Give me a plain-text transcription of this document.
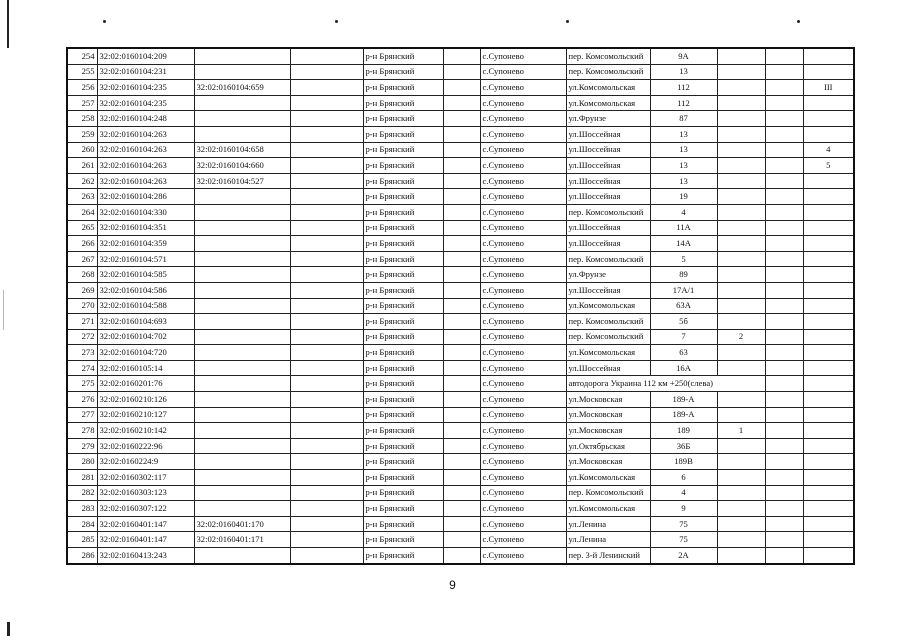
254	32:02:0160104:209			р-н Брянский		с.Супонево	пер. Комсомольский	9А			
255	32:02:0160104:231			р-н Брянский		с.Супонево	пер. Комсомольский	13			
256	32:02:0160104:235	32:02:0160104:659		р-н Брянский		с.Супонево	ул.Комсомольская	112			III
257	32:02:0160104:235			р-н Брянский		с.Супонево	ул.Комсомольская	112			
258	32:02:0160104:248			р-н Брянский		с.Супонево	ул.Фрунзе	87			
259	32:02:0160104:263			р-н Брянский		с.Супонево	ул.Шоссейная	13			
260	32:02:0160104:263	32:02:0160104:658		р-н Брянский		с.Супонево	ул.Шоссейная	13			4
261	32:02:0160104:263	32:02:0160104:660		р-н Брянский		с.Супонево	ул.Шоссейная	13			5
262	32:02:0160104:263	32:02:0160104:527		р-н Брянский		с.Супонево	ул.Шоссейная	13			
263	32:02:0160104:286			р-н Брянский		с.Супонево	ул.Шоссейная	19			
264	32:02:0160104:330			р-н Брянский		с.Супонево	пер. Комсомольский	4			
265	32:02:0160104:351			р-н Брянский		с.Супонево	ул.Шоссейная	11А			
266	32:02:0160104:359			р-н Брянский		с.Супонево	ул.Шоссейная	14А			
267	32:02:0160104:571			р-н Брянский		с.Супонево	пер. Комсомольский	5			
268	32:02:0160104:585			р-н Брянский		с.Супонево	ул.Фрунзе	89			
269	32:02:0160104:586			р-н Брянский		с.Супонево	ул.Шоссейная	17А/1			
270	32:02:0160104:588			р-н Брянский		с.Супонево	ул.Комсомольская	63А			
271	32:02:0160104:693			р-н Брянский		с.Супонево	пер. Комсомольский	5б			
272	32:02:0160104:702			р-н Брянский		с.Супонево	пер. Комсомольский	7	2		
273	32:02:0160104:720			р-н Брянский		с.Супонево	ул.Комсомольская	63			
274	32:02:0160105:14			р-н Брянский		с.Супонево	ул.Шоссейная	16А			
275	32:02:0160201:76			р-н Брянский		с.Супонево	автодорога Украина 112 км +250(слева)				
276	32:02:0160210:126			р-н Брянский		с.Супонево	ул.Московская	189-А			
277	32:02:0160210:127			р-н Брянский		с.Супонево	ул.Московская	189-А			
278	32:02:0160210:142			р-н Брянский		с.Супонево	ул.Московская	189	1		
279	32:02:0160222:96			р-н Брянский		с.Супонево	ул.Октябрьская	36Б			
280	32:02:0160224:9			р-н Брянский		с.Супонево	ул.Московская	189В			
281	32:02:0160302:117			р-н Брянский		с.Супонево	ул.Комсомольская	6			
282	32:02:0160303:123			р-н Брянский		с.Супонево	пер. Комсомольский	4			
283	32:02:0160307:122			р-н Брянский		с.Супонево	ул.Комсомольская	9			
284	32:02:0160401:147	32:02:0160401:170		р-н Брянский		с.Супонево	ул.Ленина	75			
285	32:02:0160401:147	32:02:0160401:171		р-н Брянский		с.Супонево	ул.Ленина	75			
286	32:02:0160413:243			р-н Брянский		с.Супонево	пер. 3-й Ленинский	2А			
9
